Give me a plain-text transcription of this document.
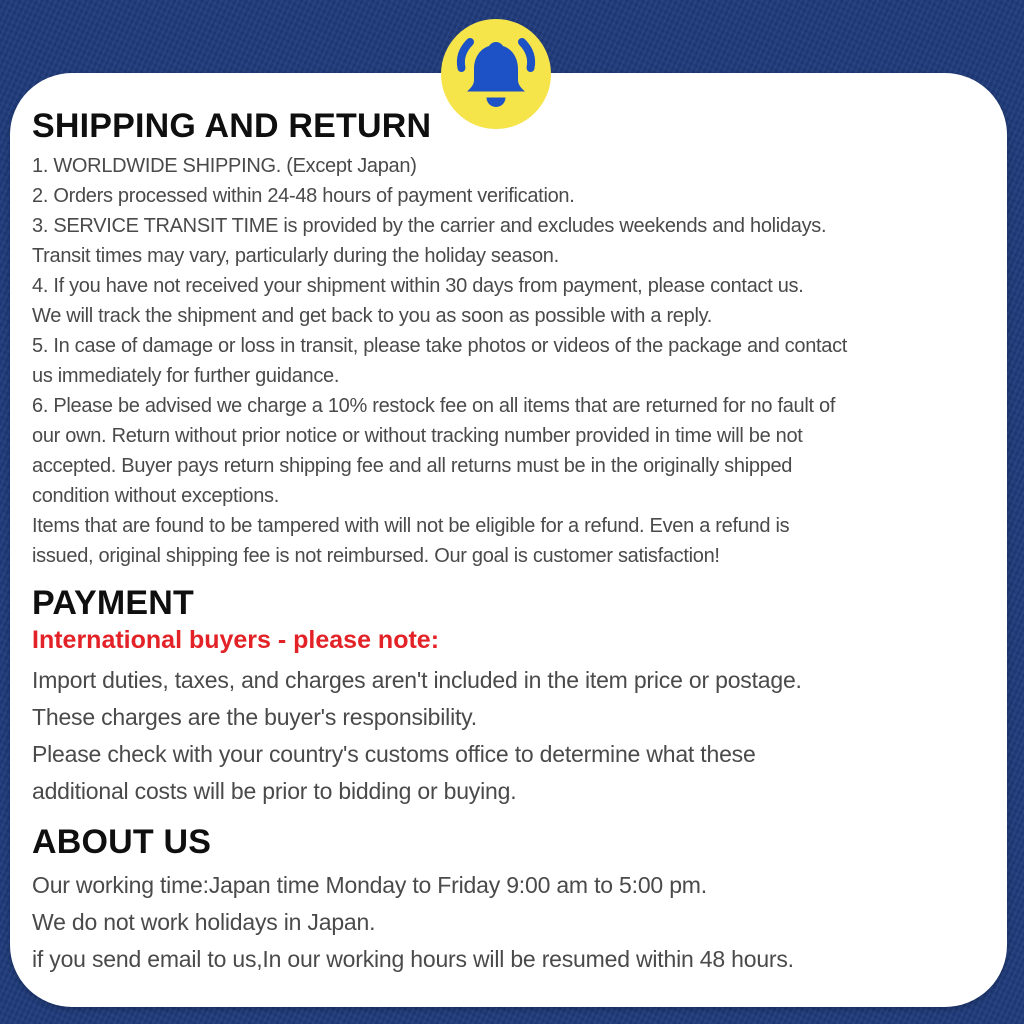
SHIPPING AND RETURN
1. WORLDWIDE SHIPPING. (Except Japan)
2. Orders processed within 24-48 hours of payment verification.
3. SERVICE TRANSIT TIME is provided by the carrier and excludes weekends and holidays.
Transit times may vary, particularly during the holiday season.
4. If you have not received your shipment within 30 days from payment, please contact us.
We will track the shipment and get back to you as soon as possible with a reply.
5. In case of damage or loss in transit, please take photos or videos of the package and contact
us immediately for further guidance.
6. Please be advised we charge a 10% restock fee on all items that are returned for no fault of
our own. Return without prior notice or without tracking number provided in time will be not
accepted. Buyer pays return shipping fee and all returns must be in the originally shipped
condition without exceptions.
Items that are found to be tampered with will not be eligible for a refund. Even a refund is
issued, original shipping fee is not reimbursed. Our goal is customer satisfaction!
PAYMENT
International buyers - please note:
Import duties, taxes, and charges aren't included in the item price or postage.
These charges are the buyer's responsibility.
Please check with your country's customs office to determine what these
additional costs will be prior to bidding or buying.
ABOUT US
Our working time:Japan time Monday to Friday 9:00 am to 5:00 pm.
We do not work holidays in Japan.
if you send email to us,In our working hours will be resumed within 48 hours.
